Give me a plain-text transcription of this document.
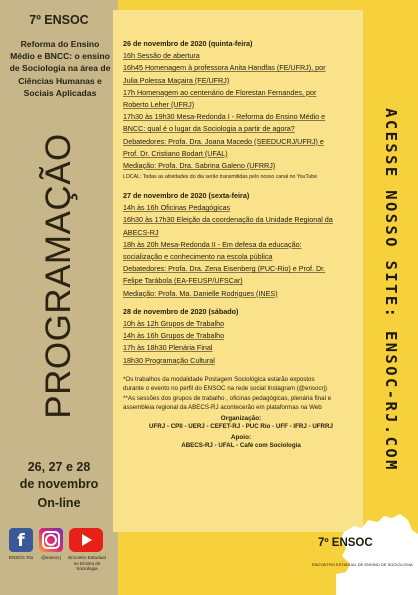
7º ENSOC
Reforma do Ensino
Médio e BNCC: o ensino
de Sociologia na área de
Ciências Humanas e
Sociais Aplicadas
PROGRAMAÇÃO
26, 27 e 28
de novembro
On-line
f
ENSOC Rio	@ensocrj	Encontro Estadual
no Ensino de Sociologia
ACESSE NOSSO SITE: ENSOC-RJ.COM
26 de novembro de 2020 (quinta-feira)
16h Sessão de abertura
16h45 Homenagem à professora Anita Handfas (FE/UFRJ), por
Julia Polessa Maçaira (FE/UFRJ)
17h Homenagem ao centenário de Florestan Fernandes, por
Roberto Leher (UFRJ)
17h30 às 19h30 Mesa-Redonda I - Reforma do Ensino Médio e
BNCC: qual é o lugar da Sociologia a partir de agora?
Debatedores: Profa. Dra. Joana Macedo (SEEDUCRJ/UFRJ) e
Prof. Dr. Cristiano Bodart (UFAL)
Mediação: Profa. Dra. Sabrina Galeno (UFRRJ)
LOCAL: Todas as atividades do dia serão transmitidas pelo nosso canal no YouTube
27 de novembro de 2020 (sexta-feira)
14h às 16h Oficinas Pedagógicas
16h30 às 17h30 Eleição da coordenação da Unidade Regional da
ABECS-RJ
18h às 20h Mesa-Redonda II - Em defesa da educação:
socialização e conhecimento na escola pública
Debatedores: Profa. Dra. Zena Eisenberg (PUC-Rio) e Prof. Dr.
Felipe Tarábola (EA-FEUSP/UFSCar)
Mediação: Profa. Ma. Danielle Rodrigues (INES)
28 de novembro de 2020 (sábado)
10h às 12h Grupos de Trabalho
14h às 16h Grupos de Trabalho
17h às 18h30 Plenária Final
18h30 Programação Cultural
*Os trabalhos da modalidade Postagem Sociológica estarão expostos
durante o evento no perfil do ENSOC na rede social Instagram (@ensocrj)
**As sessões dos grupos de trabalho , oficinas pedagógicas, plenária final e
assembleia regional da ABECS-RJ acontecerão em plataformas na Web
Organização:
UFRJ - CPII - UERJ - CEFET-RJ - PUC Rio - UFF - IFRJ - UFRRJ
Apoio:
ABECS-RJ - UFAL - Café com Sociologia
7º ENSOC
ENCONTRO ESTADUAL DE ENSINO DE SOCIOLOGIA
